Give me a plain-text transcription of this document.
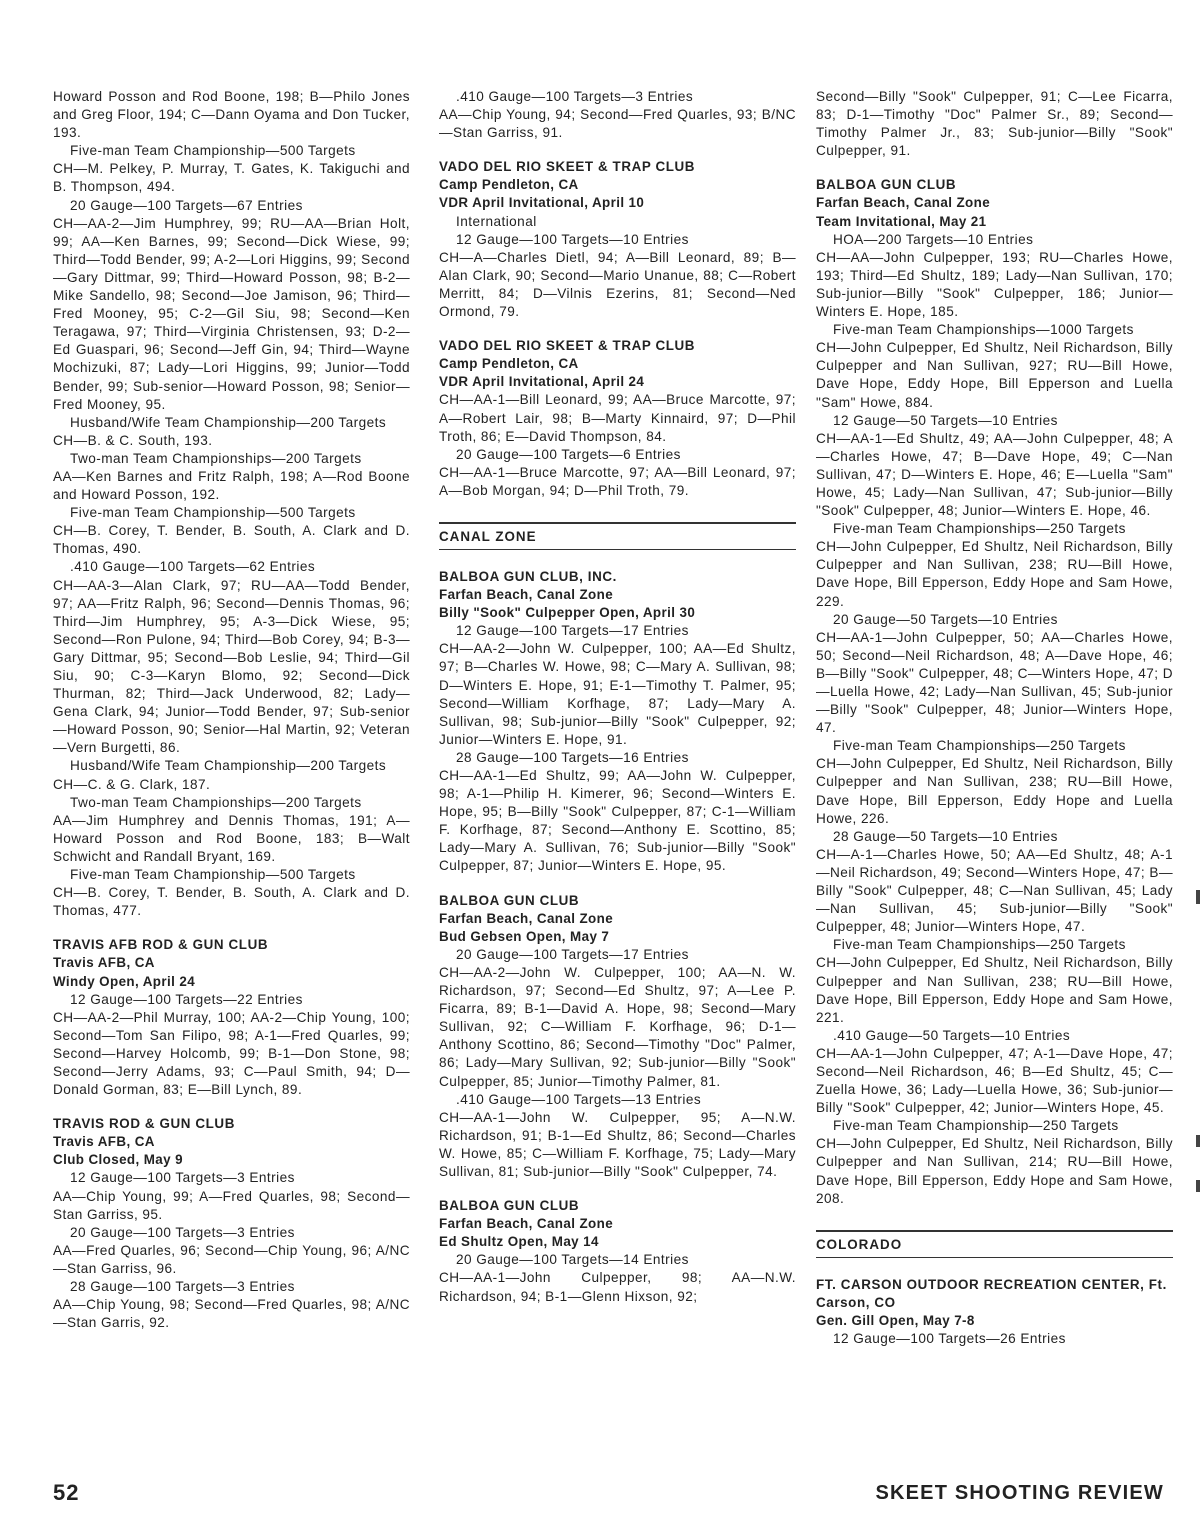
Howard Posson and Rod Boone, 198; B—Philo Jones and Greg Floor, 194; C—Dann Oyama and Don Tucker, 193.

Five-man Team Championship—500 Targets

CH—M. Pelkey, P. Murray, T. Gates, K. Takiguchi and B. Thompson, 494.

20 Gauge—100 Targets—67 Entries

CH—AA-2—Jim Humphrey, 99; RU—AA—Brian Holt, 99; AA—Ken Barnes, 99; Second—Dick Wiese, 99; Third—Todd Bender, 99; A-2—Lori Higgins, 99; Second—Gary Dittmar, 99; Third—Howard Posson, 98; B-2—Mike Sandello, 98; Second—Joe Jamison, 96; Third—Fred Mooney, 95; C-2—Gil Siu, 98; Second—Ken Teragawa, 97; Third—Virginia Christensen, 93; D-2—Ed Guaspari, 96; Second—Jeff Gin, 94; Third—Wayne Mochizuki, 87; Lady—Lori Higgins, 99; Junior—Todd Bender, 99; Sub-senior—Howard Posson, 98; Senior—Fred Mooney, 95.

Husband/Wife Team Championship—200 Targets

CH—B. & C. South, 193.

Two-man Team Championships—200 Targets

AA—Ken Barnes and Fritz Ralph, 198; A—Rod Boone and Howard Posson, 192.

Five-man Team Championship—500 Targets

CH—B. Corey, T. Bender, B. South, A. Clark and D. Thomas, 490.

.410 Gauge—100 Targets—62 Entries

CH—AA-3—Alan Clark, 97; RU—AA—Todd Bender, 97; AA—Fritz Ralph, 96; Second—Dennis Thomas, 96; Third—Jim Humphrey, 95; A-3—Dick Wiese, 95; Second—Ron Pulone, 94; Third—Bob Corey, 94; B-3—Gary Dittmar, 95; Second—Bob Leslie, 94; Third—Gil Siu, 90; C-3—Karyn Blomo, 92; Second—Dick Thurman, 82; Third—Jack Underwood, 82; Lady—Gena Clark, 94; Junior—Todd Bender, 97; Sub-senior—Howard Posson, 90; Senior—Hal Martin, 92; Veteran—Vern Burgetti, 86.

Husband/Wife Team Championship—200 Targets

CH—C. & G. Clark, 187.

Two-man Team Championships—200 Targets

AA—Jim Humphrey and Dennis Thomas, 191; A—Howard Posson and Rod Boone, 183; B—Walt Schwicht and Randall Bryant, 169.

Five-man Team Championship—500 Targets

CH—B. Corey, T. Bender, B. South, A. Clark and D. Thomas, 477.

TRAVIS AFB ROD & GUN CLUB
Travis AFB, CA
Windy Open, April 24

12 Gauge—100 Targets—22 Entries

CH—AA-2—Phil Murray, 100; AA-2—Chip Young, 100; Second—Tom San Filipo, 98; A-1—Fred Quarles, 99; Second—Harvey Holcomb, 99; B-1—Don Stone, 98; Second—Jerry Adams, 93; C—Paul Smith, 94; D—Donald Gorman, 83; E—Bill Lynch, 89.

TRAVIS ROD & GUN CLUB
Travis AFB, CA
Club Closed, May 9

12 Gauge—100 Targets—3 Entries

AA—Chip Young, 99; A—Fred Quarles, 98; Second—Stan Garriss, 95.

20 Gauge—100 Targets—3 Entries

AA—Fred Quarles, 96; Second—Chip Young, 96; A/NC—Stan Garriss, 96.

28 Gauge—100 Targets—3 Entries

AA—Chip Young, 98; Second—Fred Quarles, 98; A/NC—Stan Garris, 92.

.410 Gauge—100 Targets—3 Entries

AA—Chip Young, 94; Second—Fred Quarles, 93; B/NC—Stan Garriss, 91.

VADO DEL RIO SKEET & TRAP CLUB
Camp Pendleton, CA
VDR April Invitational, April 10

International

12 Gauge—100 Targets—10 Entries

CH—A—Charles Dietl, 94; A—Bill Leonard, 89; B—Alan Clark, 90; Second—Mario Unanue, 88; C—Robert Merritt, 84; D—Vilnis Ezerins, 81; Second—Ned Ormond, 79.

VADO DEL RIO SKEET & TRAP CLUB
Camp Pendleton, CA
VDR April Invitational, April 24

CH—AA-1—Bill Leonard, 99; AA—Bruce Marcotte, 97; A—Robert Lair, 98; B—Marty Kinnaird, 97; D—Phil Troth, 86; E—David Thompson, 84.

20 Gauge—100 Targets—6 Entries

CH—AA-1—Bruce Marcotte, 97; AA—Bill Leonard, 97; A—Bob Morgan, 94; D—Phil Troth, 79.

CANAL ZONE
BALBOA GUN CLUB, INC.
Farfan Beach, Canal Zone
Billy "Sook" Culpepper Open, April 30

12 Gauge—100 Targets—17 Entries

CH—AA-2—John W. Culpepper, 100; AA—Ed Shultz, 97; B—Charles W. Howe, 98; C—Mary A. Sullivan, 98; D—Winters E. Hope, 91; E-1—Timothy T. Palmer, 95; Second—William Korfhage, 87; Lady—Mary A. Sullivan, 98; Sub-junior—Billy "Sook" Culpepper, 92; Junior—Winters E. Hope, 91.

28 Gauge—100 Targets—16 Entries

CH—AA-1—Ed Shultz, 99; AA—John W. Culpepper, 98; A-1—Philip H. Kimerer, 96; Second—Winters E. Hope, 95; B—Billy "Sook" Culpepper, 87; C-1—William F. Korfhage, 87; Second—Anthony E. Scottino, 85; Lady—Mary A. Sullivan, 76; Sub-junior—Billy "Sook" Culpepper, 87; Junior—Winters E. Hope, 95.

BALBOA GUN CLUB
Farfan Beach, Canal Zone
Bud Gebsen Open, May 7

20 Gauge—100 Targets—17 Entries

CH—AA-2—John W. Culpepper, 100; AA—N. W. Richardson, 97; Second—Ed Shultz, 97; A—Lee P. Ficarra, 89; B-1—David A. Hope, 98; Second—Mary Sullivan, 92; C—William F. Korfhage, 96; D-1—Anthony Scottino, 86; Second—Timothy "Doc" Palmer, 86; Lady—Mary Sullivan, 92; Sub-junior—Billy "Sook" Culpepper, 85; Junior—Timothy Palmer, 81.

.410 Gauge—100 Targets—13 Entries

CH—AA-1—John W. Culpepper, 95; A—N.W. Richardson, 91; B-1—Ed Shultz, 86; Second—Charles W. Howe, 85; C—William F. Korfhage, 75; Lady—Mary Sullivan, 81; Sub-junior—Billy "Sook" Culpepper, 74.

BALBOA GUN CLUB
Farfan Beach, Canal Zone
Ed Shultz Open, May 14

20 Gauge—100 Targets—14 Entries

CH—AA-1—John Culpepper, 98; AA—N.W. Richardson, 94; B-1—Glenn Hixson, 92;

Second—Billy "Sook" Culpepper, 91; C—Lee Ficarra, 83; D-1—Timothy "Doc" Palmer Sr., 89; Second—Timothy Palmer Jr., 83; Sub-junior—Billy "Sook" Culpepper, 91.

BALBOA GUN CLUB
Farfan Beach, Canal Zone
Team Invitational, May 21

HOA—200 Targets—10 Entries

CH—AA—John Culpepper, 193; RU—Charles Howe, 193; Third—Ed Shultz, 189; Lady—Nan Sullivan, 170; Sub-junior—Billy "Sook" Culpepper, 186; Junior—Winters E. Hope, 185.

Five-man Team Championships—1000 Targets

CH—John Culpepper, Ed Shultz, Neil Richardson, Billy Culpepper and Nan Sullivan, 927; RU—Bill Howe, Dave Hope, Eddy Hope, Bill Epperson and Luella "Sam" Howe, 884.

12 Gauge—50 Targets—10 Entries

CH—AA-1—Ed Shultz, 49; AA—John Culpepper, 48; A—Charles Howe, 47; B—Dave Hope, 49; C—Nan Sullivan, 47; D—Winters E. Hope, 46; E—Luella "Sam" Howe, 45; Lady—Nan Sullivan, 47; Sub-junior—Billy "Sook" Culpepper, 48; Junior—Winters E. Hope, 46.

Five-man Team Championships—250 Targets

CH—John Culpepper, Ed Shultz, Neil Richardson, Billy Culpepper and Nan Sullivan, 238; RU—Bill Howe, Dave Hope, Bill Epperson, Eddy Hope and Sam Howe, 229.

20 Gauge—50 Targets—10 Entries

CH—AA-1—John Culpepper, 50; AA—Charles Howe, 50; Second—Neil Richardson, 48; A—Dave Hope, 46; B—Billy "Sook" Culpepper, 48; C—Winters Hope, 47; D—Luella Howe, 42; Lady—Nan Sullivan, 45; Sub-junior—Billy "Sook" Culpepper, 48; Junior—Winters Hope, 47.

Five-man Team Championships—250 Targets

CH—John Culpepper, Ed Shultz, Neil Richardson, Billy Culpepper and Nan Sullivan, 238; RU—Bill Howe, Dave Hope, Bill Epperson, Eddy Hope and Luella Howe, 226.

28 Gauge—50 Targets—10 Entries

CH—A-1—Charles Howe, 50; AA—Ed Shultz, 48; A-1—Neil Richardson, 49; Second—Winters Hope, 47; B—Billy "Sook" Culpepper, 48; C—Nan Sullivan, 45; Lady—Nan Sullivan, 45; Sub-junior—Billy "Sook" Culpepper, 48; Junior—Winters Hope, 47.

Five-man Team Championships—250 Targets

CH—John Culpepper, Ed Shultz, Neil Richardson, Billy Culpepper and Nan Sullivan, 238; RU—Bill Howe, Dave Hope, Bill Epperson, Eddy Hope and Sam Howe, 221.

.410 Gauge—50 Targets—10 Entries

CH—AA-1—John Culpepper, 47; A-1—Dave Hope, 47; Second—Neil Richardson, 46; B—Ed Shultz, 45; C—Zuella Howe, 36; Lady—Luella Howe, 36; Sub-junior—Billy "Sook" Culpepper, 42; Junior—Winters Hope, 45.

Five-man Team Championship—250 Targets

CH—John Culpepper, Ed Shultz, Neil Richardson, Billy Culpepper and Nan Sullivan, 214; RU—Bill Howe, Dave Hope, Bill Epperson, Eddy Hope and Sam Howe, 208.

COLORADO
FT. CARSON OUTDOOR RECREATION CENTER, Ft. Carson, CO
Gen. Gill Open, May 7-8

12 Gauge—100 Targets—26 Entries

52	SKEET SHOOTING REVIEW
